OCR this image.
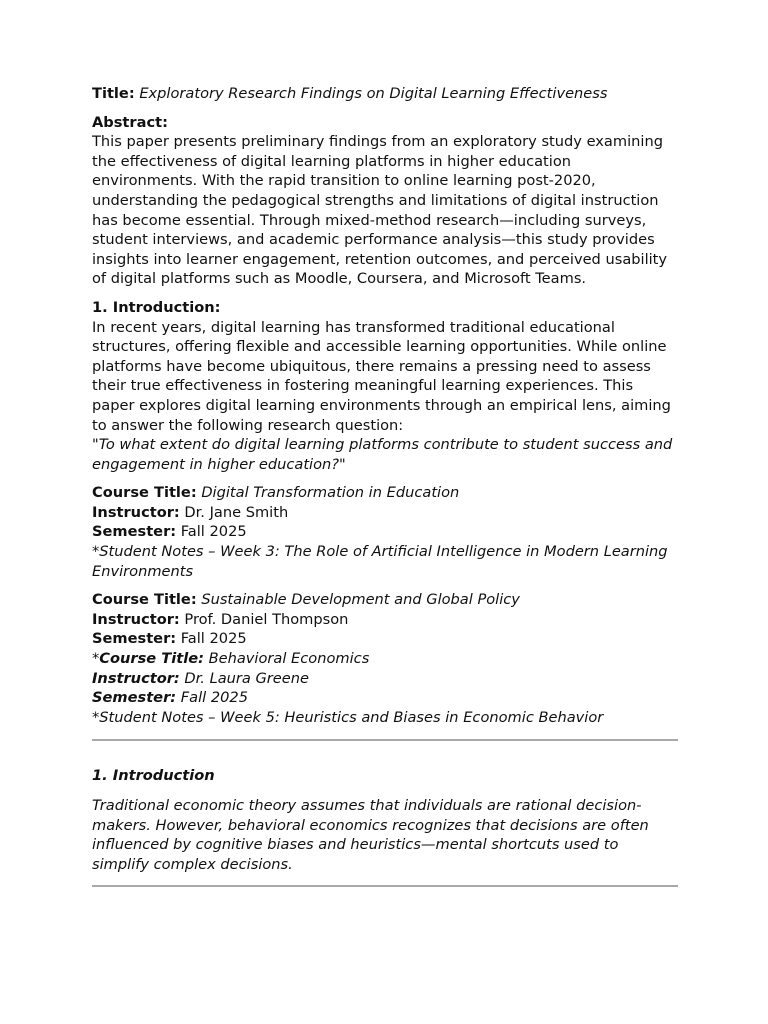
Title: Exploratory Research Findings on Digital Learning Effectiveness

Abstract:

This paper presents preliminary findings from an exploratory study examining the effectiveness of digital learning platforms in higher education environments. With the rapid transition to online learning post-2020, understanding the pedagogical strengths and limitations of digital instruction has become essential. Through mixed-method research—including surveys, student interviews, and academic performance analysis—this study provides insights into learner engagement, retention outcomes, and perceived usability of digital platforms such as Moodle, Coursera, and Microsoft Teams.

1. Introduction:

In recent years, digital learning has transformed traditional educational structures, offering flexible and accessible learning opportunities. While online platforms have become ubiquitous, there remains a pressing need to assess their true effectiveness in fostering meaningful learning experiences. This paper explores digital learning environments through an empirical lens, aiming to answer the following research question:

"To what extent do digital learning platforms contribute to student success and engagement in higher education?"

Course Title: Digital Transformation in Education

Instructor: Dr. Jane Smith

Semester: Fall 2025

*Student Notes – Week 3: The Role of Artificial Intelligence in Modern Learning Environments

Course Title: Sustainable Development and Global Policy

Instructor: Prof. Daniel Thompson

Semester: Fall 2025

*Course Title: Behavioral Economics

Instructor: Dr. Laura Greene

Semester: Fall 2025

*Student Notes – Week 5: Heuristics and Biases in Economic Behavior

1. Introduction

Traditional economic theory assumes that individuals are rational decision-makers. However, behavioral economics recognizes that decisions are often influenced by cognitive biases and heuristics—mental shortcuts used to simplify complex decisions.
